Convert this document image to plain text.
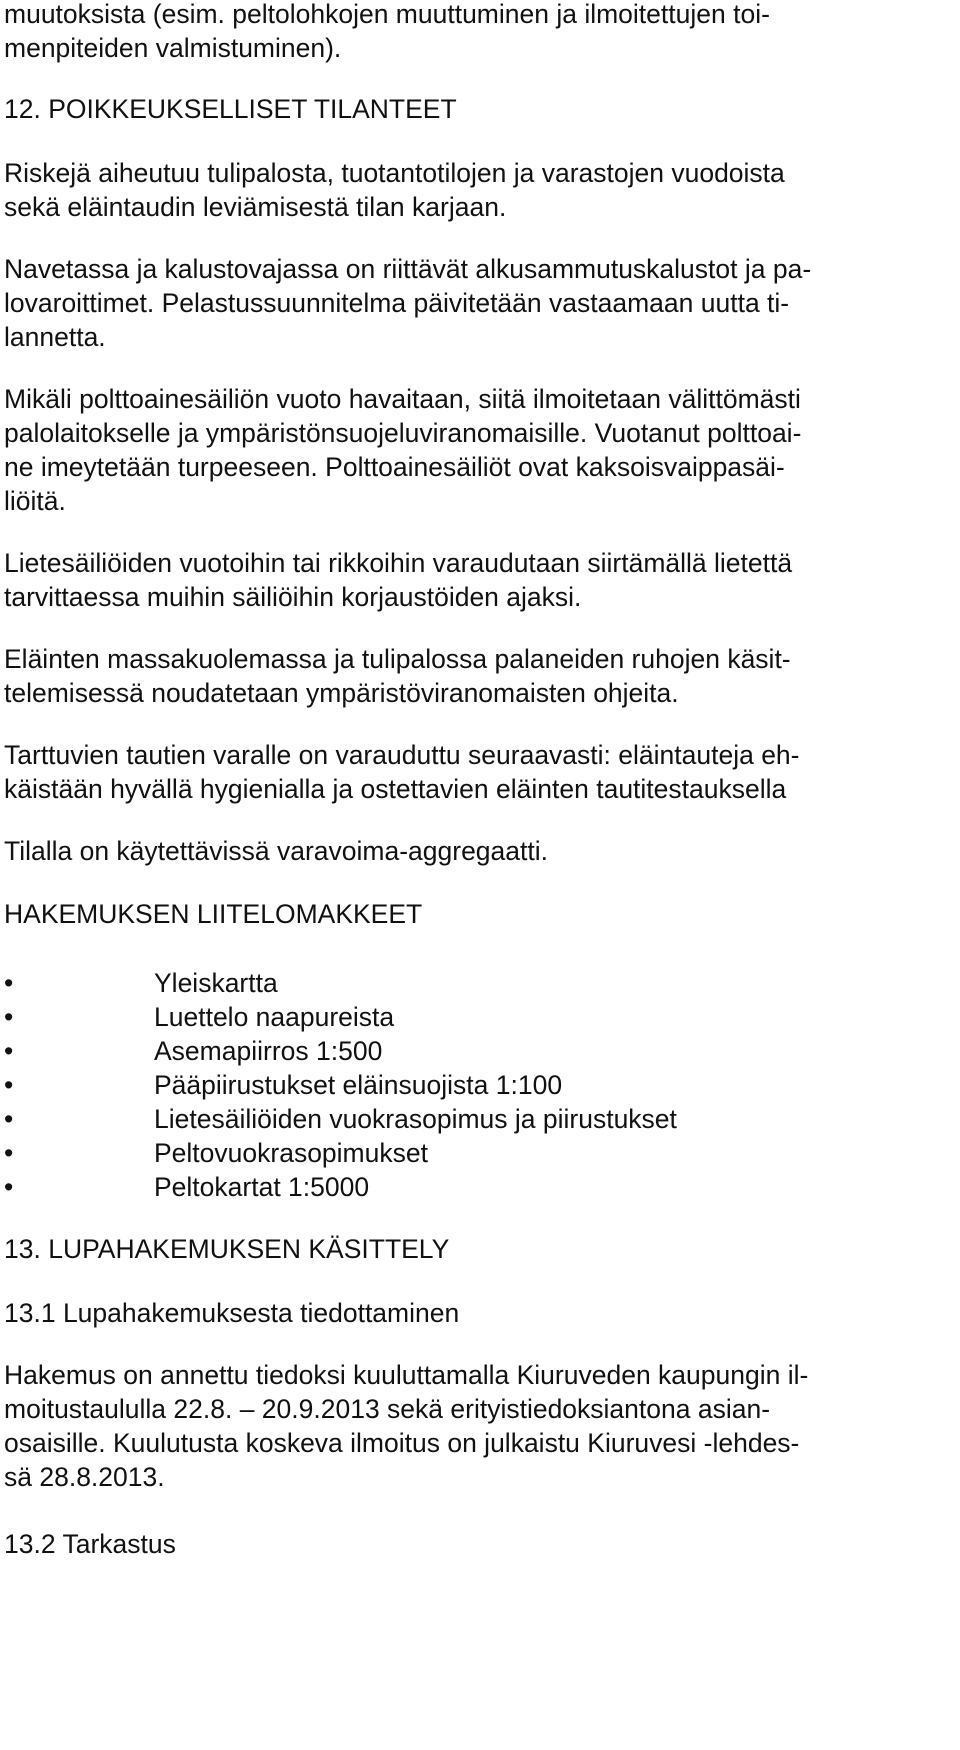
muutoksista (esim. peltolohkojen muuttuminen ja ilmoitettujen toi-

menpiteiden valmistuminen).

12. POIKKEUKSELLISET TILANTEET

Riskejä aiheutuu tulipalosta, tuotantotilojen ja varastojen vuodoista

sekä eläintaudin leviämisestä tilan karjaan.

Navetassa ja kalustovajassa on riittävät alkusammutuskalustot ja pa-

lovaroittimet. Pelastussuunnitelma päivitetään vastaamaan uutta ti-

lannetta.

Mikäli polttoainesäiliön vuoto havaitaan, siitä ilmoitetaan välittömästi

palolaitokselle ja ympäristönsuojeluviranomaisille. Vuotanut polttoai-

ne imeytetään turpeeseen. Polttoainesäiliöt ovat kaksoisvaippasäi-

liöitä.

Lietesäiliöiden vuotoihin tai rikkoihin varaudutaan siirtämällä lietettä

tarvittaessa muihin säiliöihin korjaustöiden ajaksi.

Eläinten massakuolemassa ja tulipalossa palaneiden ruhojen käsit-

telemisessä noudatetaan ympäristöviranomaisten ohjeita.

Tarttuvien tautien varalle on varauduttu seuraavasti: eläintauteja eh-

käistään hyvällä hygienialla ja ostettavien eläinten tautitestauksella

Tilalla on käytettävissä varavoima-aggregaatti.

HAKEMUKSEN LIITELOMAKKEET

•	Yleiskartta

•	Luettelo naapureista

•	Asemapiirros 1:500

•	Pääpiirustukset eläinsuojista 1:100

•	Lietesäiliöiden vuokrasopimus ja piirustukset

•	Peltovuokrasopimukset

•	Peltokartat 1:5000

13. LUPAHAKEMUKSEN KÄSITTELY

13.1 Lupahakemuksesta tiedottaminen

Hakemus on annettu tiedoksi kuuluttamalla Kiuruveden kaupungin il-

moitustaululla 22.8. – 20.9.2013 sekä erityistiedoksiantona asian-

osaisille. Kuulutusta koskeva ilmoitus on julkaistu Kiuruvesi -lehdes-

sä 28.8.2013.

13.2 Tarkastus
